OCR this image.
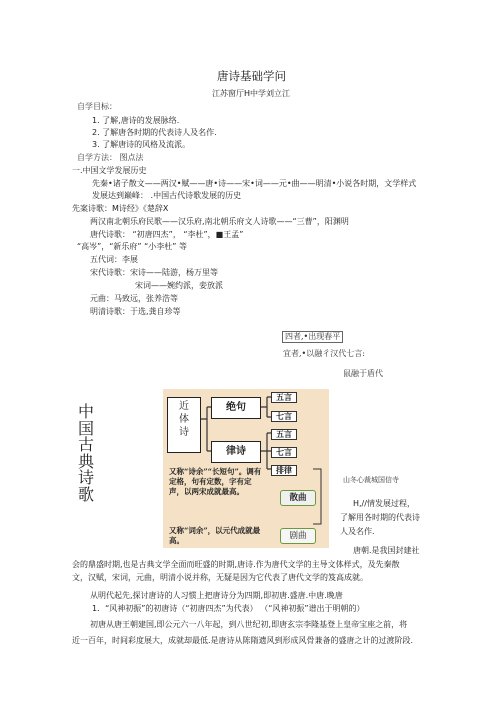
唐诗基础学问
江苏窗厅H中学刘立江
自学目标：
1. 了解,唐诗的发展脉络.
2. 了解唐各时期的代表诗人及名作.
3. 了解唐诗的风格及流派。
自学方法： 图点法
一.中国文学发展历史
先秦•诸子散文——两汉•赋——唐•诗——宋•词——元•曲——明清•小说各时期，文学样式
发展达到巅峰： .中国古代诗歌发展的历史
先案诗歌：M诗经》《楚辞X
两汉南北朝乐府民歌——汉乐府,南北朝乐府文人诗歌——“三曹”，阳渊明
唐代诗歌： “初唐四杰”， “李杜”，■王孟”
“高岑”，“新乐府” “小李杜” 等
五代词：李展
宋代诗歌：宋诗——陆游，杨万里等
宋词——婉约派，娈放派
元曲：马致远，张养浩等
明清诗歌：于选,龚自珍等
四者,•出现春平
宜者,•以融彳汉代七言:
鼠融于盾代
中国古典诗歌
近体诗
绝句
律诗
五言
七言
五言
七言
排律
又称“诗余”“长短句”。调有定格，句有定数，字有定声，以两宋成就最高。
散曲
又称“词余”，以元代成就最高。	剧曲
山冬心裁城国信寺
H,//情发展过程，
了解用各时期的代表诗
人及名作.
唐朝.是我国封建社
会的鼎盛时期,也是古典文学全面而旺盛的时期,唐诗.作为唐代文学的主导文体样式，及先秦散
文，汉赋，宋词，元曲，明清小说并称，无疑是因为它代表了唐代文学的笈高成就。
从明代起先,探讨唐诗的人习惯上把唐诗分为四期,即初唐.盛唐.中唐.晚唐
1．“风神初振”的初唐诗（“初唐四杰”为代表） （“风神初振”谱出于明朝的）
初唐从唐王朝建国,即公元六一八年起，到八世纪初,即唐玄宗李隆基登上皇帝宝座之前，将
近一百年，时间彩度展大，成就却最低.是唐诗从陈隋遗风到形成风骨兼备的盛唐之计的过渡阶段.
